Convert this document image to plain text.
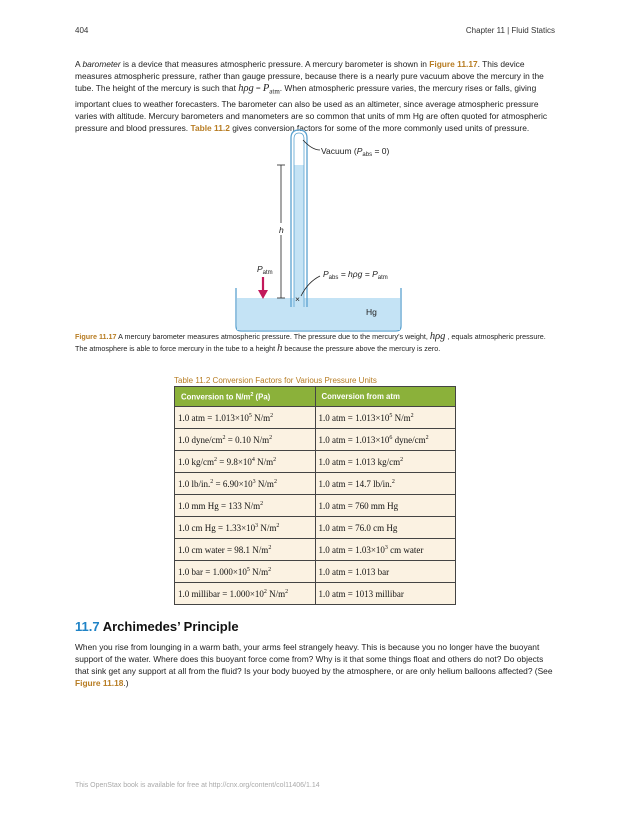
404	Chapter 11 | Fluid Statics
A barometer is a device that measures atmospheric pressure. A mercury barometer is shown in Figure 11.17. This device measures atmospheric pressure, rather than gauge pressure, because there is a nearly pure vacuum above the mercury in the tube. The height of the mercury is such that $h\rho g = P_{atm}$. When atmospheric pressure varies, the mercury rises or falls, giving important clues to weather forecasters. The barometer can also be used as an altimeter, since average atmospheric pressure varies with altitude. Mercury barometers and manometers are so common that units of mm Hg are often quoted for atmospheric pressure and blood pressures. Table 11.2 gives conversion factors for some of the more commonly used units of pressure.
Vacuum $(P_{abs} = 0)$
h
$P_{atm}$	$P_{abs} = h\rho g = P_{atm}$
×
Hg
Figure 11.17 A mercury barometer measures atmospheric pressure. The pressure due to the mercury’s weight, hρg , equals atmospheric pressure. The atmosphere is able to force mercury in the tube to a height h because the pressure above the mercury is zero.
Table 11.2 Conversion Factors for Various Pressure Units
Conversion to $N/m^2$ (Pa)	Conversion from atm
1.0 atm = $1.013\times 10^5$ $N/m^2$	1.0 atm = $1.013\times 10^5$ $N/m^2$
1.0 dyne/$cm^2 = 0.10$ $N/m^2$	1.0 atm = $1.013\times 10^6$ dyne/$cm^2$
1.0 $kg/cm^2 = 9.8\times 10^4$ $N/m^2$	1.0 atm = 1.013 $kg/cm^2$
1.0 $lb/in.^2 = 6.90\times 10^3$ $N/m^2$	1.0 atm = 14.7 lb/in.$^2$
1.0 mm Hg = 133 $N/m^2$	1.0 atm = 760 mm Hg
1.0 cm $Hg = 1.33\times 10^3$ $N/m^2$	1.0 atm = 76.0 cm Hg
1.0 cm water = 98.1 $N/m^2$	1.0 atm = $1.03\times 10^3$ cm water
1.0 bar = $1.000\times 10^5$ $N/m^2$	1.0 atm = 1.013 bar
1.0 millibar = $1.000\times 10^2$ $N/m^2$	1.0 atm = 1013 millibar
11.7 Archimedes’ Principle
When you rise from lounging in a warm bath, your arms feel strangely heavy. This is because you no longer have the buoyant support of the water. Where does this buoyant force come from? Why is it that some things float and others do not? Do objects that sink get any support at all from the fluid? Is your body buoyed by the atmosphere, or are only helium balloons affected? (See Figure 11.18.)
This OpenStax book is available for free at http://cnx.org/content/col11406/1.14
